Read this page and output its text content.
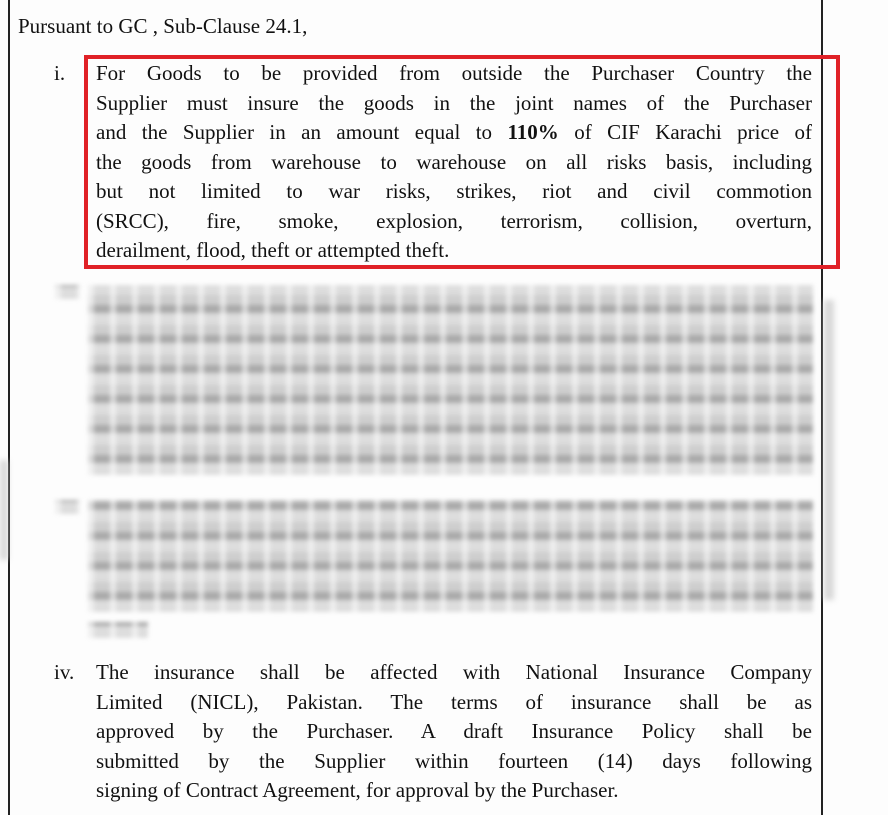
Pursuant to GC , Sub-Clause 24.1,

i. For Goods to be provided from outside the Purchaser Country the

Supplier must insure the goods in the joint names of the Purchaser

and the Supplier in an amount equal to 110% of CIF Karachi price of

the goods from warehouse to warehouse on all risks basis, including

but not limited to war risks, strikes, riot and civil commotion

(SRCC), fire, smoke, explosion, terrorism, collision, overturn,

derailment, flood, theft or attempted theft.

iv. The insurance shall be affected with National Insurance Company

Limited (NICL), Pakistan. The terms of insurance shall be as

approved by the Purchaser. A draft Insurance Policy shall be

submitted by the Supplier within fourteen (14) days following

signing of Contract Agreement, for approval by the Purchaser.
